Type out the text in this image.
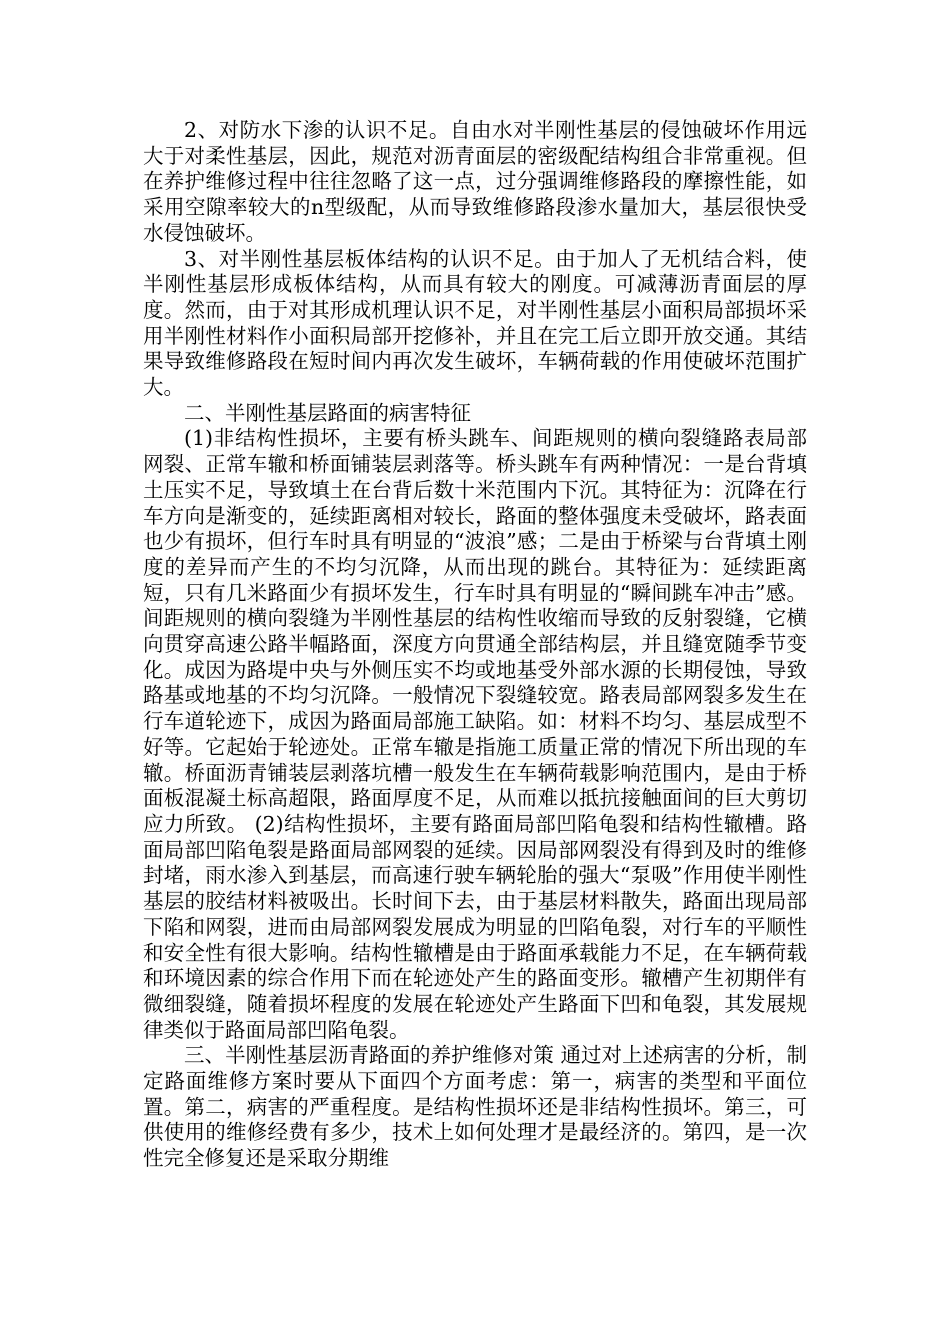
2、对防水下渗的认识不足。自由水对半刚性基层的侵蚀破坏作用远大于对柔性基层，因此，规范对沥青面层的密级配结构组合非常重视。但在养护维修过程中往往忽略了这一点，过分强调维修路段的摩擦性能，如采用空隙率较大的n型级配，从而导致维修路段渗水量加大，基层很快受水侵蚀破坏。

3、对半刚性基层板体结构的认识不足。由于加人了无机结合料，使半刚性基层形成板体结构，从而具有较大的刚度。可减薄沥青面层的厚度。然而，由于对其形成机理认识不足，对半刚性基层小面积局部损坏采用半刚性材料作小面积局部开挖修补，并且在完工后立即开放交通。其结果导致维修路段在短时间内再次发生破坏，车辆荷载的作用使破坏范围扩大。

二、半刚性基层路面的病害特征

(1)非结构性损坏，主要有桥头跳车、间距规则的横向裂缝路表局部网裂、正常车辙和桥面铺装层剥落等。桥头跳车有两种情况：一是台背填土压实不足，导致填土在台背后数十米范围内下沉。其特征为：沉降在行车方向是渐变的，延续距离相对较长，路面的整体强度未受破坏，路表面也少有损坏，但行车时具有明显的“波浪”感；二是由于桥梁与台背填土刚度的差异而产生的不均匀沉降，从而出现的跳台。其特征为：延续距离短，只有几米路面少有损坏发生，行车时具有明显的“瞬间跳车冲击”感。间距规则的横向裂缝为半刚性基层的结构性收缩而导致的反射裂缝，它横向贯穿高速公路半幅路面，深度方向贯通全部结构层，并且缝宽随季节变化。成因为路堤中央与外侧压实不均或地基受外部水源的长期侵蚀，导致路基或地基的不均匀沉降。一般情况下裂缝较宽。路表局部网裂多发生在行车道轮迹下，成因为路面局部施工缺陷。如：材料不均匀、基层成型不好等。它起始于轮迹处。正常车辙是指施工质量正常的情况下所出现的车辙。桥面沥青铺装层剥落坑槽一般发生在车辆荷载影响范围内，是由于桥面板混凝土标高超限，路面厚度不足，从而难以抵抗接触面间的巨大剪切应力所致。 (2)结构性损坏，主要有路面局部凹陷龟裂和结构性辙槽。路面局部凹陷龟裂是路面局部网裂的延续。因局部网裂没有得到及时的维修封堵，雨水渗入到基层，而高速行驶车辆轮胎的强大“泵吸”作用使半刚性基层的胶结材料被吸出。长时间下去，由于基层材料散失，路面出现局部下陷和网裂，进而由局部网裂发展成为明显的凹陷龟裂，对行车的平顺性和安全性有很大影响。结构性辙槽是由于路面承载能力不足，在车辆荷载和环境因素的综合作用下而在轮迹处产生的路面变形。辙槽产生初期伴有微细裂缝，随着损坏程度的发展在轮迹处产生路面下凹和龟裂，其发展规律类似于路面局部凹陷龟裂。

三、半刚性基层沥青路面的养护维修对策 通过对上述病害的分析，制定路面维修方案时要从下面四个方面考虑：第一，病害的类型和平面位置。第二，病害的严重程度。是结构性损坏还是非结构性损坏。第三，可供使用的维修经费有多少，技术上如何处理才是最经济的。第四，是一次性完全修复还是采取分期维
